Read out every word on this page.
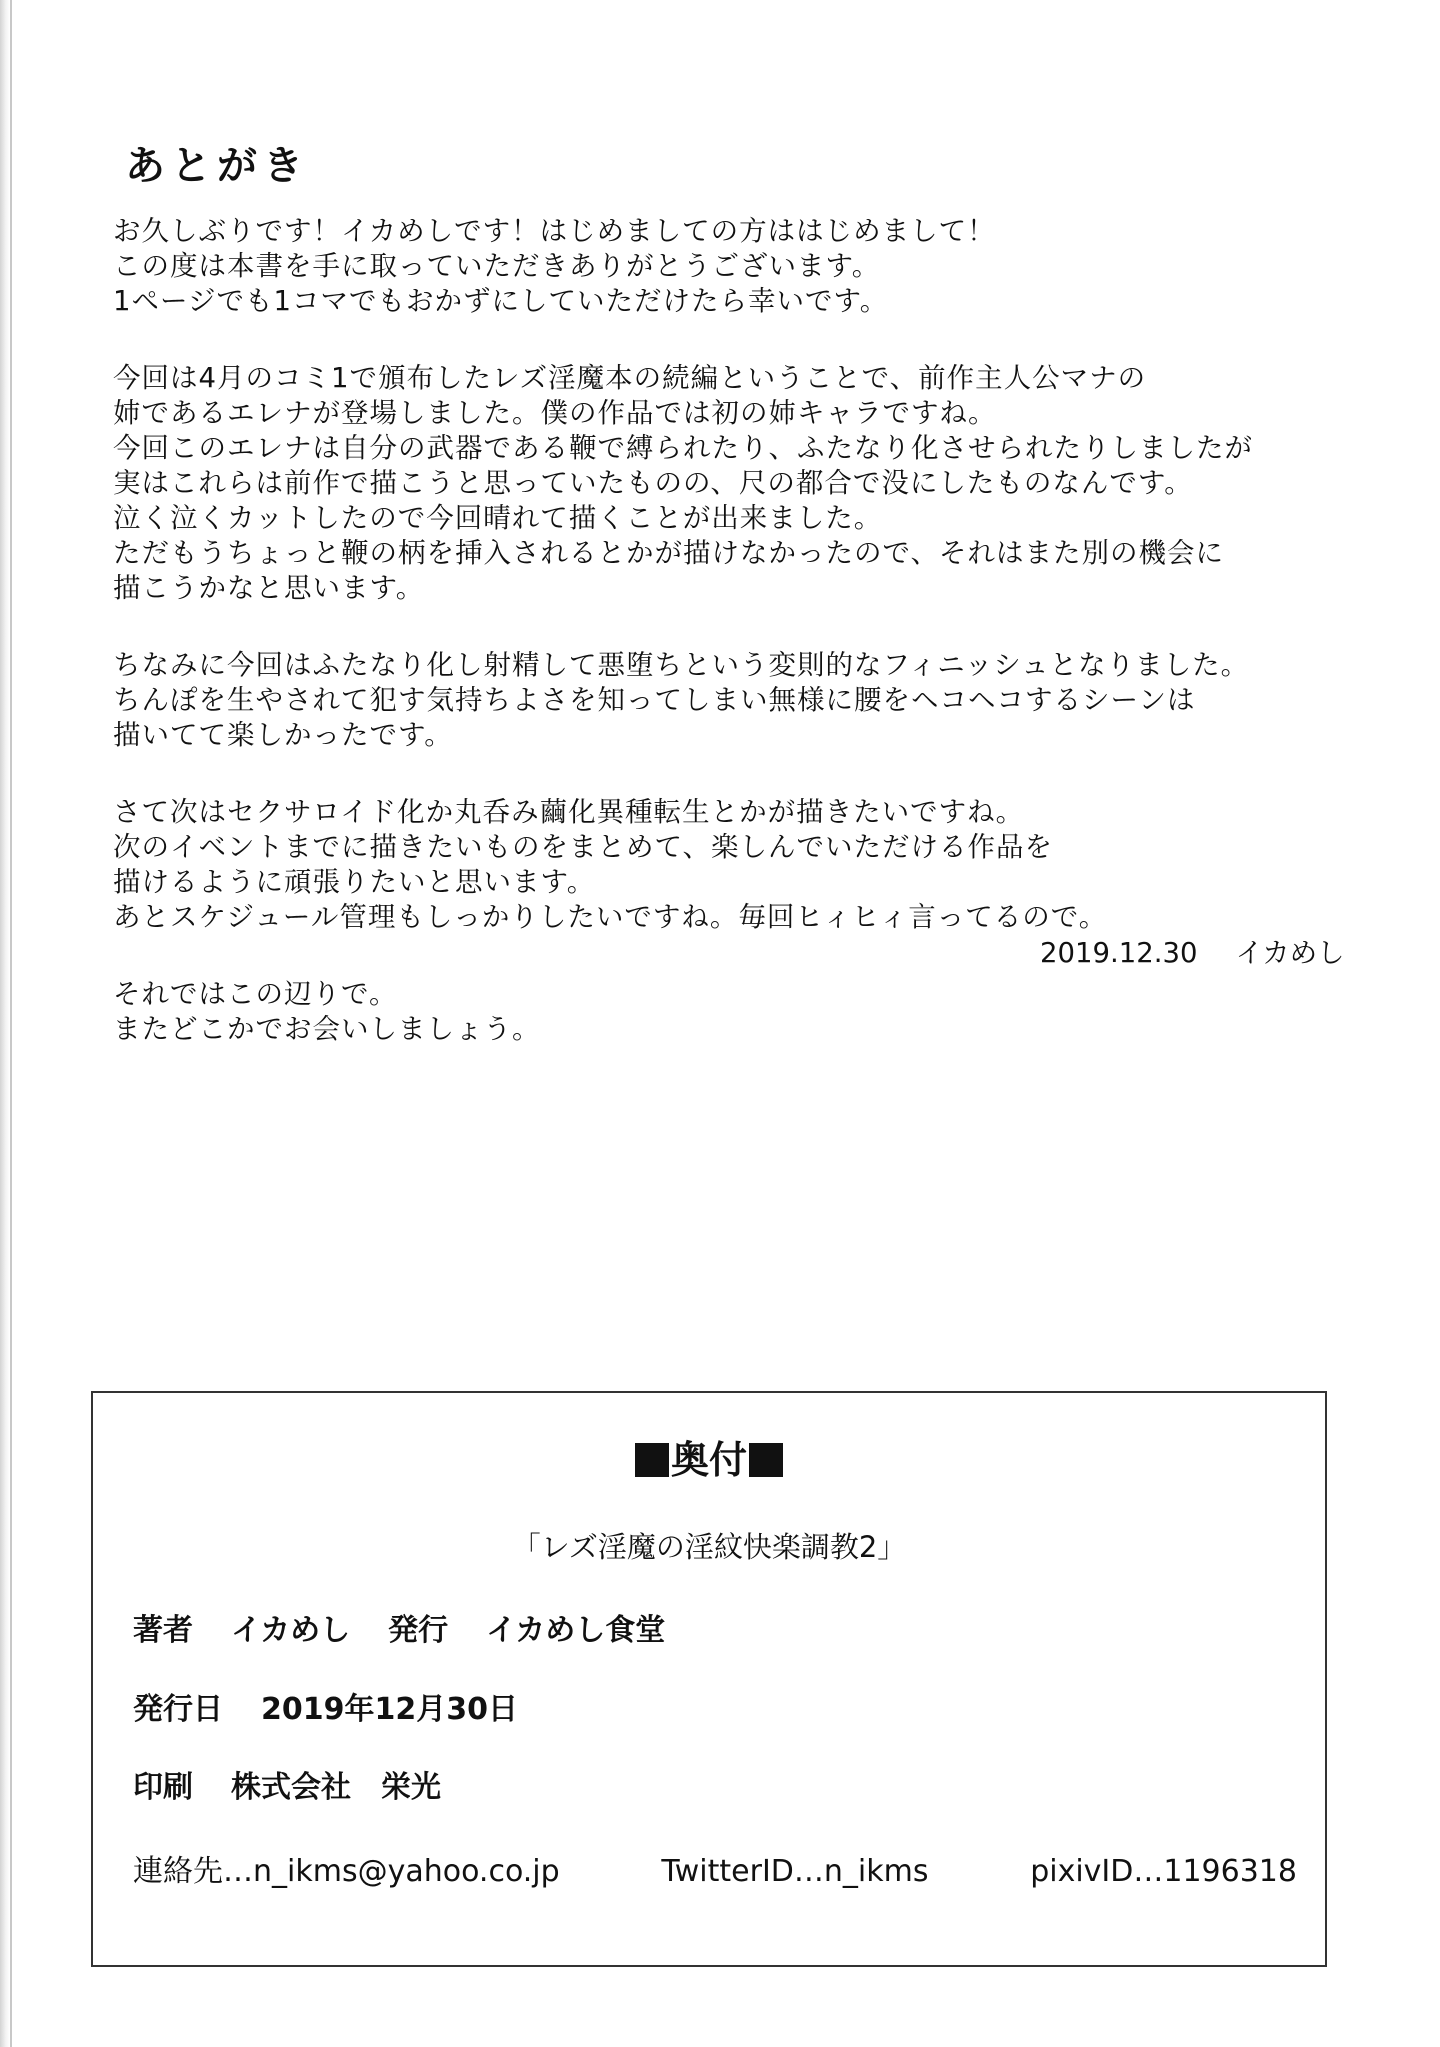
あとがき
お久しぶりです！イカめしです！はじめましての方ははじめまして！
この度は本書を手に取っていただきありがとうございます。
1ページでも1コマでもおかずにしていただけたら幸いです。
今回は4月のコミ1で頒布したレズ淫魔本の続編ということで、前作主人公マナの
姉であるエレナが登場しました。僕の作品では初の姉キャラですね。
今回このエレナは自分の武器である鞭で縛られたり、ふたなり化させられたりしましたが
実はこれらは前作で描こうと思っていたものの、尺の都合で没にしたものなんです。
泣く泣くカットしたので今回晴れて描くことが出来ました。
ただもうちょっと鞭の柄を挿入されるとかが描けなかったので、それはまた別の機会に
描こうかなと思います。
ちなみに今回はふたなり化し射精して悪堕ちという変則的なフィニッシュとなりました。
ちんぽを生やされて犯す気持ちよさを知ってしまい無様に腰をヘコヘコするシーンは
描いてて楽しかったです。
さて次はセクサロイド化か丸呑み繭化異種転生とかが描きたいですね。
次のイベントまでに描きたいものをまとめて、楽しんでいただける作品を
描けるように頑張りたいと思います。
あとスケジュール管理もしっかりしたいですね。毎回ヒィヒィ言ってるので。
それではこの辺りで。
またどこかでお会いしましょう。
2019.12.30 イカめし
奥付
「レズ淫魔の淫紋快楽調教2」
著者 イカめし 発行 イカめし食堂
発行日 2019年12月30日
印刷 株式会社　栄光
連絡先…n_ikms@yahoo.co.jp	TwitterID…n_ikms	pixivID…1196318
